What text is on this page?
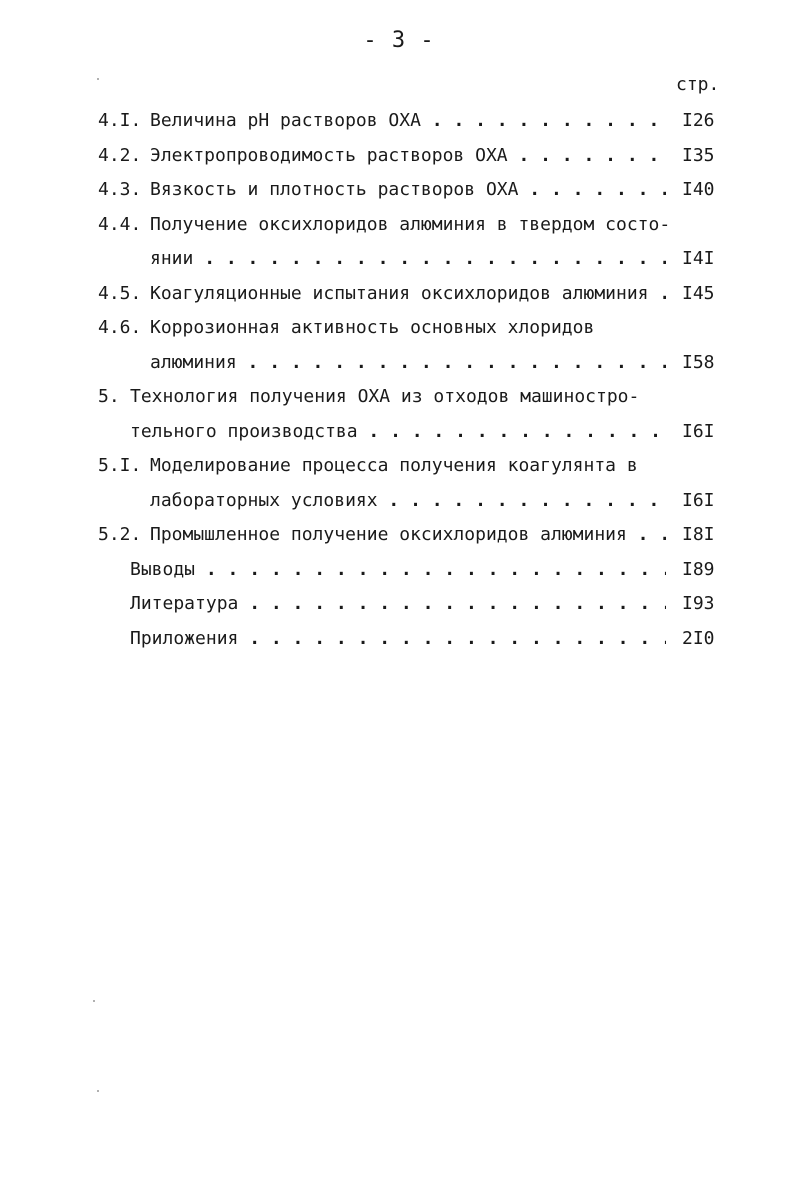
- 3 -
стр.
4.I. Величина рН растворов ОХА . . .	I26
4.2. Электропроводимость растворов ОХА . . .	I35
4.3. Вязкость и плотность растворов ОХА . . .	I40
4.4. Получение оксихлоридов алюминия в твердом состо-
янии . . .	I4I
4.5. Коагуляционные испытания оксихлоридов алюминия . . .	I45
4.6. Коррозионная активность основных хлоридов
алюминия . . .	I58
5. Технология получения ОХА из отходов машиностро-
тельного производства . . .	I6I
5.I. Моделирование процесса получения коагулянта в
лабораторных условиях . . .	I6I
5.2. Промышленное получение оксихлоридов алюминия . . .	I8I
Выводы . . .	I89
Литература . . .	I93
Приложения . . .	2I0
